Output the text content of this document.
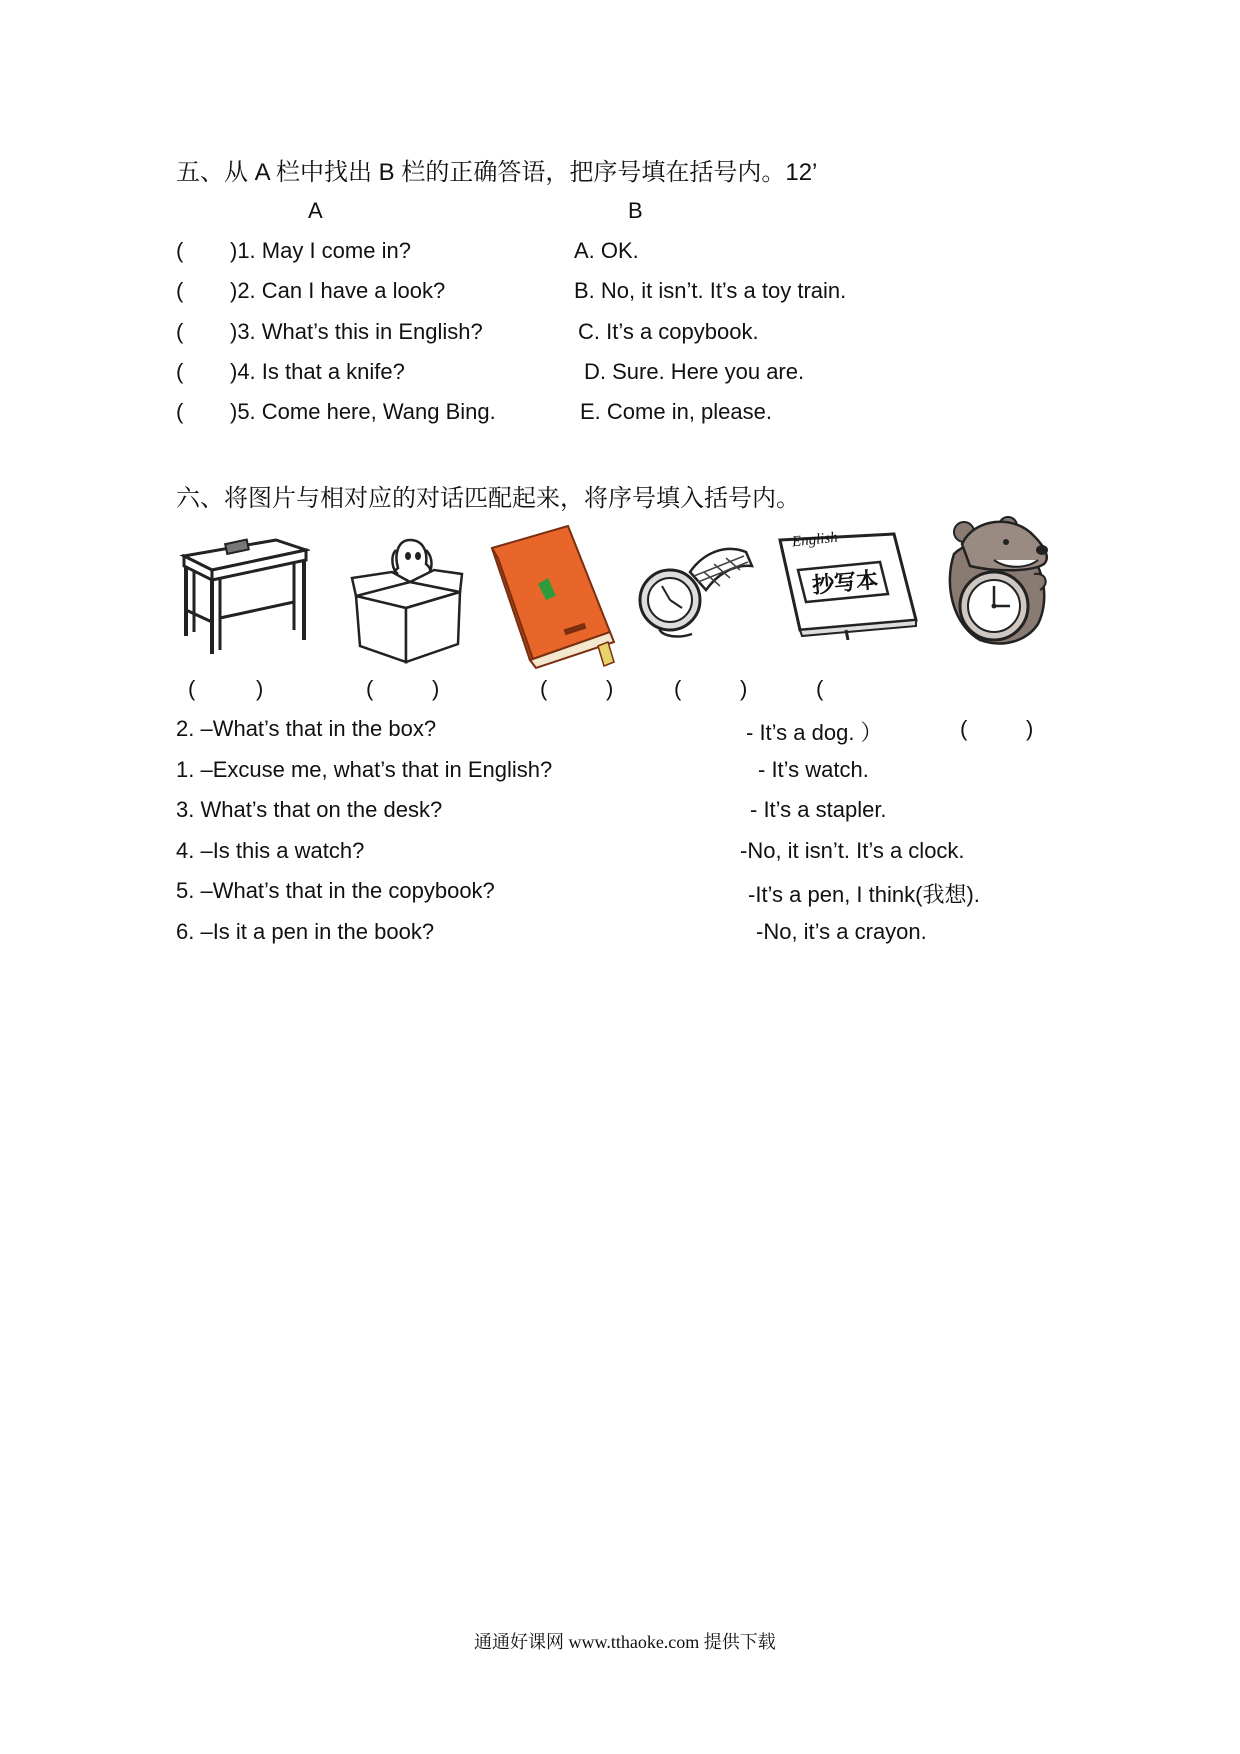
五、从 A 栏中找出 B 栏的正确答语，把序号填在括号内。12’
A	B
( )1. May I come in?	A. OK.
( )2. Can I have a look?	B. No, it isn’t. It’s a toy train.
( )3. What’s this in English?	C. It’s a copybook.
( )4. Is that a knife?	D. Sure. Here you are.
( )5. Come here, Wang Bing.	E. Come in, please.
六、将图片与相对应的对话匹配起来，将序号填入括号内。
English
抄写本
(	)	(	)	(	)	(	)	(
(	)
2. –What’s that in the box?	- It’s a dog. ）
1. –Excuse me, what’s that in English?	- It’s watch.
3. What’s that on the desk?	- It’s a stapler.
4. –Is this a watch?	-No, it isn’t. It’s a clock.
5. –What’s that in the copybook?	-It’s a pen, I think(我想).
6. –Is it a pen in the book?	-No, it’s a crayon.
通通好课网 www.tthaoke.com 提供下载
